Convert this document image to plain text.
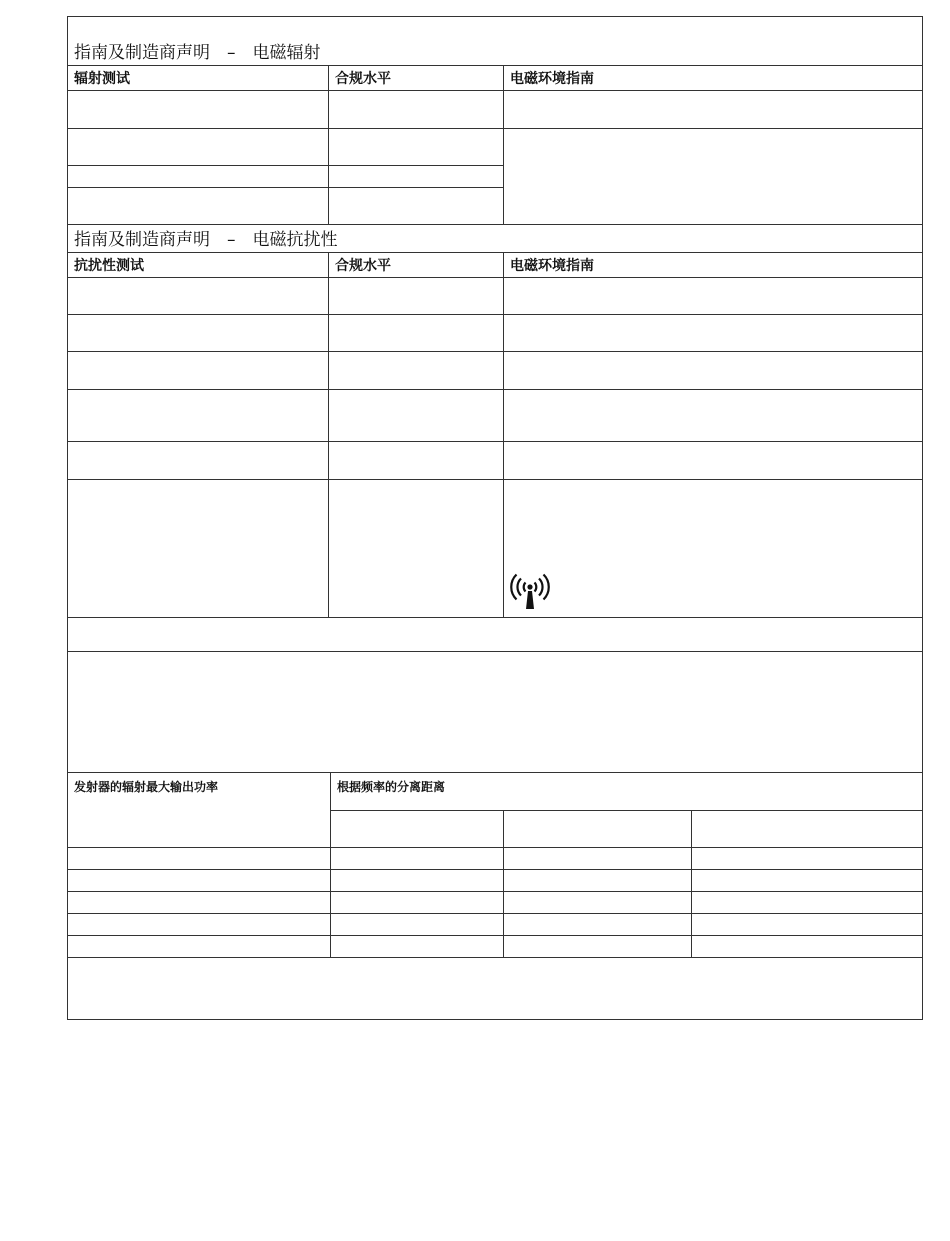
指南及制造商声明　–　电磁辐射		
辐射测试	合规水平	电磁环境指南

指南及制造商声明　–　电磁抗扰性		
抗扰性测试	合规水平	电磁环境指南

发射器的辐射最大输出功率	根据频率的分离距离		
